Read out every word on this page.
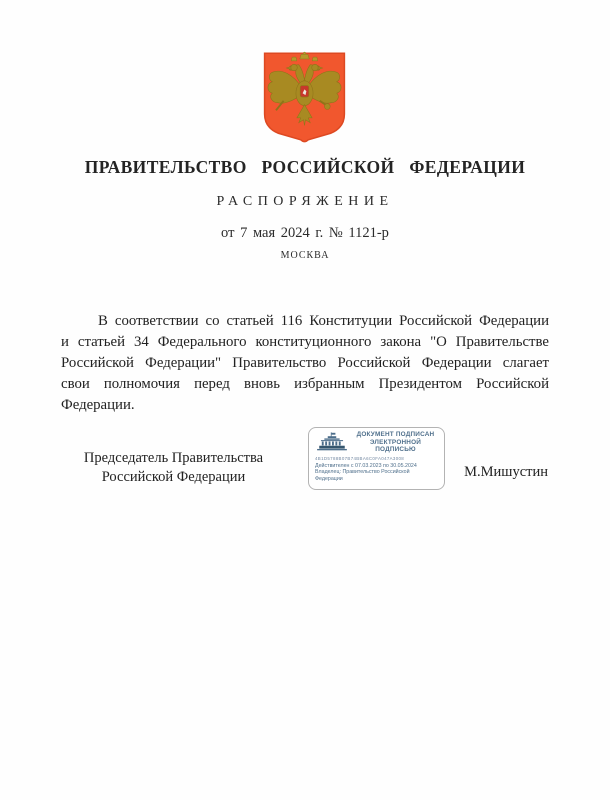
ПРАВИТЕЛЬСТВО РОССИЙСКОЙ ФЕДЕРАЦИИ
РАСПОРЯЖЕНИЕ
от 7 мая 2024 г. № 1121-р
МОСКВА
В соответствии со статьей 116 Конституции Российской Федерации и статьей 34 Федерального конституционного закона "О Правительстве Российской Федерации" Правительство Российской Федерации слагает свои полномочия перед вновь избранным Президентом Российской Федерации.
Председатель Правительства
Российской Федерации	М.Мишустин
ДОКУМЕНТ ПОДПИСАН
ЭЛЕКТРОННОЙ ПОДПИСЬЮ
4B1D5788B07B74BBA6C0FA047A3008
Действителен с 07.03.2023 по 30.05.2024
Владелец: Правительство Российской
Федерации
